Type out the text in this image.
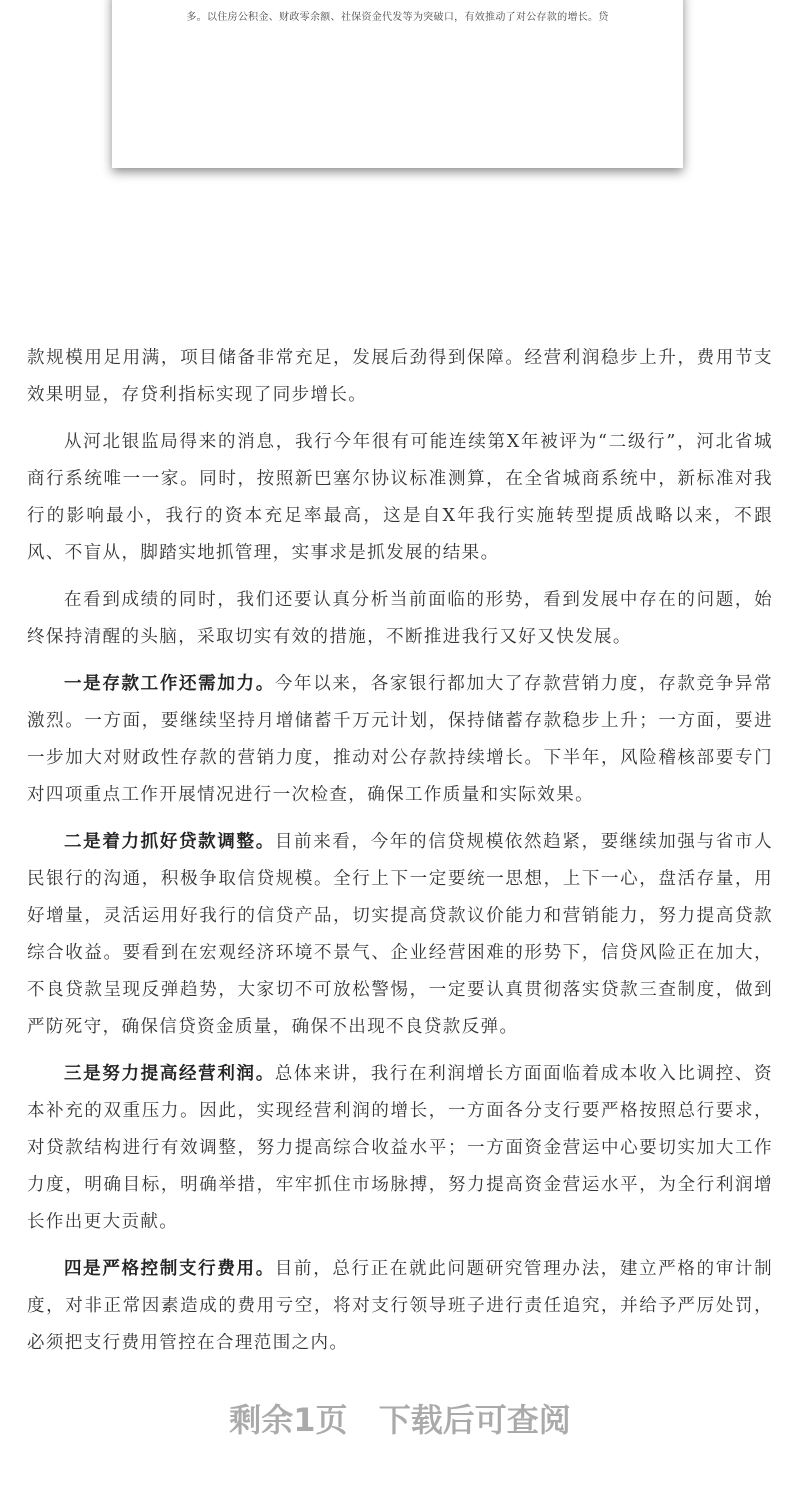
多。以住房公积金、财政零余额、社保资金代发等为突破口，有效推动了对公存款的增长。贷

款规模用足用满，项目储备非常充足，发展后劲得到保障。经营利润稳步上升，费用节支效果明显，存贷利指标实现了同步增长。

从河北银监局得来的消息，我行今年很有可能连续第X年被评为“二级行”，河北省城商行系统唯一一家。同时，按照新巴塞尔协议标准测算，在全省城商系统中，新标准对我行的影响最小，我行的资本充足率最高，这是自X年我行实施转型提质战略以来，不跟风、不盲从，脚踏实地抓管理，实事求是抓发展的结果。

在看到成绩的同时，我们还要认真分析当前面临的形势，看到发展中存在的问题，始终保持清醒的头脑，采取切实有效的措施，不断推进我行又好又快发展。

一是存款工作还需加力。今年以来，各家银行都加大了存款营销力度，存款竞争异常激烈。一方面，要继续坚持月增储蓄千万元计划，保持储蓄存款稳步上升；一方面，要进一步加大对财政性存款的营销力度，推动对公存款持续增长。下半年，风险稽核部要专门对四项重点工作开展情况进行一次检查，确保工作质量和实际效果。

二是着力抓好贷款调整。目前来看，今年的信贷规模依然趋紧，要继续加强与省市人民银行的沟通，积极争取信贷规模。全行上下一定要统一思想，上下一心，盘活存量，用好增量，灵活运用好我行的信贷产品，切实提高贷款议价能力和营销能力，努力提高贷款综合收益。要看到在宏观经济环境不景气、企业经营困难的形势下，信贷风险正在加大，不良贷款呈现反弹趋势，大家切不可放松警惕，一定要认真贯彻落实贷款三查制度，做到严防死守，确保信贷资金质量，确保不出现不良贷款反弹。

三是努力提高经营利润。总体来讲，我行在利润增长方面面临着成本收入比调控、资本补充的双重压力。因此，实现经营利润的增长，一方面各分支行要严格按照总行要求，对贷款结构进行有效调整，努力提高综合收益水平；一方面资金营运中心要切实加大工作力度，明确目标，明确举措，牢牢抓住市场脉搏，努力提高资金营运水平，为全行利润增长作出更大贡献。

四是严格控制支行费用。目前，总行正在就此问题研究管理办法，建立严格的审计制度，对非正常因素造成的费用亏空，将对支行领导班子进行责任追究，并给予严厉处罚，必须把支行费用管控在合理范围之内。

剩余1页 下载后可查阅
